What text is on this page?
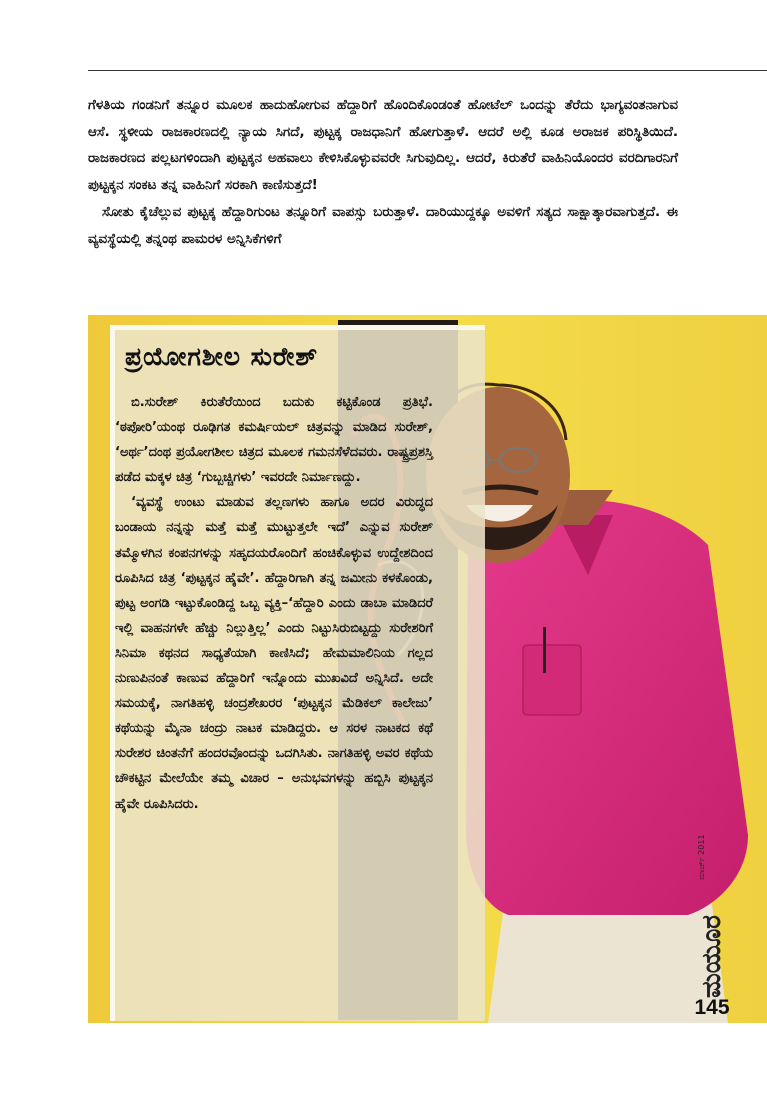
ಗೆಳತಿಯ ಗಂಡನಿಗೆ ತನ್ನೂರ ಮೂಲಕ ಹಾದುಹೋಗುವ ಹೆದ್ದಾರಿಗೆ ಹೊಂದಿಕೊಂಡಂತೆ ಹೋಟೆಲ್ ಒಂದನ್ನು ತೆರೆದು ಭಾಗ್ಯವಂತನಾಗುವ ಆಸೆ. ಸ್ಥಳೀಯ ರಾಜಕಾರಣದಲ್ಲಿ ನ್ಯಾಯ ಸಿಗದೆ, ಪುಟ್ಟಕ್ಕ ರಾಜಧಾನಿಗೆ ಹೋಗುತ್ತಾಳೆ. ಆದರೆ ಅಲ್ಲಿ ಕೂಡ ಅರಾಜಕ ಪರಿಸ್ಥಿತಿಯಿದೆ. ರಾಜಕಾರಣದ ಪಲ್ಲಟಗಳಿಂದಾಗಿ ಪುಟ್ಟಕ್ಕನ ಅಹವಾಲು ಕೇಳಿಸಿಕೊಳ್ಳುವವರೇ ಸಿಗುವುದಿಲ್ಲ. ಆದರೆ, ಕಿರುತೆರೆ ವಾಹಿನಿಯೊಂದರ ವರದಿಗಾರನಿಗೆ ಪುಟ್ಟಕ್ಕನ ಸಂಕಟ ತನ್ನ ವಾಹಿನಿಗೆ ಸರಕಾಗಿ ಕಾಣಿಸುತ್ತದೆ!

ಸೋತು ಕೈಚೆಲ್ಲುವ ಪುಟ್ಟಕ್ಕ ಹೆದ್ದಾರಿಗುಂಟ ತನ್ನೂರಿಗೆ ವಾಪಸ್ಸು ಬರುತ್ತಾಳೆ. ದಾರಿಯುದ್ದಕ್ಕೂ ಅವಳಿಗೆ ಸತ್ಯದ ಸಾಕ್ಷಾತ್ಕಾರವಾಗುತ್ತದೆ. ಈ ವ್ಯವಸ್ಥೆಯಲ್ಲಿ ತನ್ನಂಥ ಪಾಮರಳ ಅನ್ನಿಸಿಕೆಗಳಿಗೆ

ಪ್ರಯೋಗಶೀಲ ಸುರೇಶ್

ಬಿ.ಸುರೇಶ್ ಕಿರುತೆರೆಯಿಂದ ಬದುಕು ಕಟ್ಟಿಕೊಂಡ ಪ್ರತಿಭೆ. ‘ಠಪೋರಿ’ಯಂಥ ರೂಢಿಗತ ಕಮರ್ಷಿಯಲ್ ಚಿತ್ರವನ್ನು ಮಾಡಿದ ಸುರೇಶ್, ‘ಅರ್ಥ’ದಂಥ ಪ್ರಯೋಗಶೀಲ ಚಿತ್ರದ ಮೂಲಕ ಗಮನಸೆಳೆದವರು. ರಾಷ್ಟ್ರಪ್ರಶಸ್ತಿ ಪಡೆದ ಮಕ್ಕಳ ಚಿತ್ರ ‘ಗುಬ್ಬಚ್ಚಿಗಳು’ ಇವರದೇ ನಿರ್ಮಾಣದ್ದು.

‘ವ್ಯವಸ್ಥೆ ಉಂಟು ಮಾಡುವ ತಲ್ಲಣಗಳು ಹಾಗೂ ಅದರ ವಿರುದ್ಧದ ಬಂಡಾಯ ನನ್ನನ್ನು ಮತ್ತೆ ಮತ್ತೆ ಮುಟ್ಟುತ್ತಲೇ ಇದೆ’ ಎನ್ನುವ ಸುರೇಶ್ ತಮ್ಮೊಳಗಿನ ಕಂಪನಗಳನ್ನು ಸಹೃದಯರೊಂದಿಗೆ ಹಂಚಿಕೊಳ್ಳುವ ಉದ್ದೇಶದಿಂದ ರೂಪಿಸಿದ ಚಿತ್ರ ‘ಪುಟ್ಟಕ್ಕನ ಹೈವೇ’. ಹೆದ್ದಾರಿಗಾಗಿ ತನ್ನ ಜಮೀನು ಕಳಕೊಂಡು, ಪುಟ್ಟ ಅಂಗಡಿ ಇಟ್ಟುಕೊಂಡಿದ್ದ ಒಬ್ಬ ವ್ಯಕ್ತಿ–‘ಹೆದ್ದಾರಿ ಎಂದು ಡಾಬಾ ಮಾಡಿದರೆ ಇಲ್ಲಿ ವಾಹನಗಳೇ ಹೆಚ್ಚು ನಿಲ್ಲುತ್ತಿಲ್ಲ’ ಎಂದು ನಿಟ್ಟುಸಿರುಬಿಟ್ಟದ್ದು ಸುರೇಶರಿಗೆ ಸಿನಿಮಾ ಕಥನದ ಸಾಧ್ಯತೆಯಾಗಿ ಕಾಣಿಸಿದೆ; ಹೇಮಮಾಲಿನಿಯ ಗಲ್ಲದ ನುಣುಪಿನಂತೆ ಕಾಣುವ ಹೆದ್ದಾರಿಗೆ ಇನ್ನೊಂದು ಮುಖವಿದೆ ಅನ್ನಿಸಿದೆ. ಅದೇ ಸಮಯಕ್ಕೆ, ನಾಗತಿಹಳ್ಳಿ ಚಂದ್ರಶೇಖರರ ‘ಪುಟ್ಟಕ್ಕನ ಮೆಡಿಕಲ್ ಕಾಲೇಜು’ ಕಥೆಯನ್ನು ಮೈನಾ ಚಂದ್ರು ನಾಟಕ ಮಾಡಿದ್ದರು. ಆ ಸರಳ ನಾಟಕದ ಕಥೆ ಸುರೇಶರ ಚಿಂತನೆಗೆ ಹಂದರವೊಂದನ್ನು ಒದಗಿಸಿತು. ನಾಗತಿಹಳ್ಳಿ ಅವರ ಕಥೆಯ ಚೌಕಟ್ಟಿನ ಮೇಲೆಯೇ ತಮ್ಮ ವಿಚಾರ – ಅನುಭವಗಳನ್ನು ಹಬ್ಬಿಸಿ ಪುಟ್ಟಕ್ಕನ ಹೈವೇ ರೂಪಿಸಿದರು.

ಮಯೂರ
ಮಾರ್ಚ್ 2011
145
